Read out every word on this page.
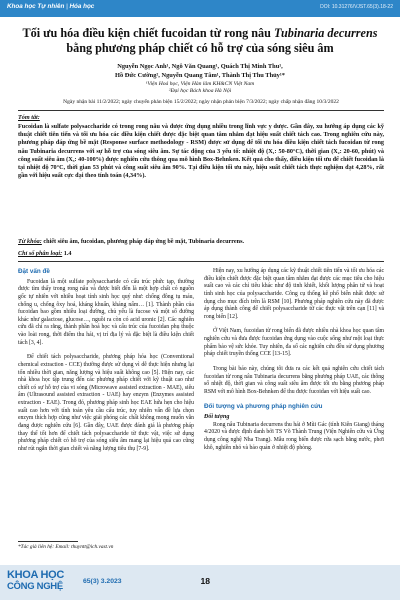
Khoa học Tự nhiên | Hóa học	DOI: 10.31276/VJST.65(3).18-22
Tối ưu hóa điều kiện chiết fucoidan từ rong nâu Tubinaria decurrens
bằng phương pháp chiết có hỗ trợ của sóng siêu âm
Nguyễn Ngọc Anh¹, Ngô Văn Quang¹, Quách Thị Minh Thu¹,
Hồ Đức Cường², Nguyễn Quang Tâm¹, Thành Thị Thu Thủy¹*
¹Viện Hoá học, Viện Hàn lâm KH&CN Việt Nam
²Đại học Bách khoa Hà Nội
Ngày nhận bài 11/2/2022; ngày chuyển phản biện 15/2/2022; ngày nhận phản biện 7/3/2022; ngày chấp nhận đăng 10/3/2022
Tóm tắt:
Fucoidan là sulfate polysaccharide có trong rong nâu và được ứng dụng nhiều trong lĩnh vực y dược. Gần đây, xu hướng áp dụng các kỹ thuật chiết tiên tiến và tối ưu hóa các điều kiện chiết được đặc biệt quan tâm nhằm đạt hiệu suất chiết tách cao. Trong nghiên cứu này, phương pháp đáp ứng bề mặt (Response surface methodology - RSM) được sử dụng để tối ưu hóa điều kiện chiết tách fucoidan từ rong nâu Tubinaria decurrens với sự hỗ trợ của sóng siêu âm. Sự tác động của 3 yếu tố: nhiệt độ (X₁: 50-80°C), thời gian (X₂: 20-60, phút) và công suất siêu âm (X₃: 40-100%) được nghiên cứu thông qua mô hình Box-Behnken. Kết quả cho thấy, điều kiện tối ưu để chiết fucoidan là tại nhiệt độ 70°C, thời gian 53 phút và công suất siêu âm 90%. Tại điều kiện tối ưu này, hiệu suất chiết tách thực nghiệm đạt 4,28%, rất gần với hiệu suất cực đại theo tính toán (4,34%).
Từ khóa: chiết siêu âm, fucoidan, phương pháp đáp ứng bề mặt, Tubinaria decurrens.
Chỉ số phân loại: 1.4
Đặt vấn đề

Fucoidan là một sulfate polysaccharide có cấu trúc phức tạp, thường được tìm thấy trong rong nâu và được biết đến là một hợp chất có nguồn gốc tự nhiên với nhiều hoạt tính sinh học quý như: chống đông tụ máu, chống u, chống ôxy hoá, kháng khuẩn, kháng nấm… [1]. Thành phần của fucoidan bao gồm nhiều loại đường, chủ yếu là fucose và một số đường khác như galactose, glucose…, nguồi ra còn có acid uronic [2]. Các nghiên cứu đã chỉ ra rằng, thành phần hoá học và cấu trúc của fucoidan phụ thuộc vào loài rong, thời điểm thu hái, vị trí địa lý và đặc biệt là điều kiện chiết tách [3, 4].

Để chiết tách polysaccharide, phương pháp hóa học (Conventional chemical extraction - CCE) thường được sử dụng vì dễ thực hiện nhưng lại tốn nhiều thời gian, năng lượng và hiệu suất không cao [5]. Hiện nay, các nhà khoa học tập trung đến các phương pháp chiết với kỹ thuật cao như chiết có sự hỗ trợ của vi sóng (Microwave assisted extraction - MAE), siêu âm (Ultrasound assisted extraction - UAE) hay enzym (Enzymes assisted extraction - EAE). Trong đó, phương pháp sinh học EAE hứa hẹn cho hiệu suất cao hơn với tính toán yêu cầu cấu trúc, tuy nhiên vấn đề lựa chọn enzym thích hợp cũng như việc giải phóng các chất không mong muốn vẫn đang được nghiên cứu [6]. Gần đây, UAE được đánh giá là phương pháp thay thế tốt hơn để chiết tách polysaccharide từ thực vật, việc sử dụng phương pháp chiết có hỗ trợ của sóng siêu âm mang lại hiệu quả cao cũng như rút ngắn thời gian chiết và năng lượng tiêu thụ [7-9].

Hiện nay, xu hướng áp dụng các kỹ thuật chiết tiên tiến và tối ưu hóa các điều kiện chiết được đặc biệt quan tâm nhằm đạt được các mục tiêu cho hiệu suất cao và các chỉ tiêu khác như độ tinh khiết, khối lượng phân tử và hoạt tính sinh học của polysaccharide. Công cụ thống kê phổ biến nhất được sử dụng cho mục đích trên là RSM [10]. Phương pháp nghiên cứu này đã được áp dụng thành công để chiết polysaccharide từ các thực vật trên cạn [11] và rong biển [12].

Ở Việt Nam, fucoidan từ rong biển đã được nhiều nhà khoa học quan tâm nghiên cứu và đưa được fucoidan ứng dụng vào cuộc sống như một loại thực phẩm bảo vệ sức khỏe. Tuy nhiên, đa số các nghiên cứu đều sử dụng phương pháp chiết truyền thống CCE [13-15].

Trong bài báo này, chúng tôi đưa ra các kết quả nghiên cứu chiết tách fucoidan từ rong nâu Tubinaria decurrens bằng phương pháp UAE, các thông số nhiệt độ, thời gian và công suất siêu âm được tối ưu bằng phương pháp RSM với mô hình Box-Behnken để thu được fucoidan với hiệu suất cao.

Đối tượng và phương pháp nghiên cứu
Đối tượng

Rong nâu Tubinaria decurrens thu hái ở Mũi Gác (tỉnh Kiên Giang) tháng 4/2020 và được định danh bởi TS Võ Thành Trung (Viện Nghiên cứu và Ứng dụng công nghệ Nha Trang). Mẫu rong biển được rửa sạch bằng nước, phơi khô, nghiền nhỏ và bảo quản ở nhiệt độ phòng.

*Tác giả liên hệ: Email: thuyntt@ich.vast.vn
KHOA HỌC
CÔNG NGHỆ	65(3) 3.2023	18
